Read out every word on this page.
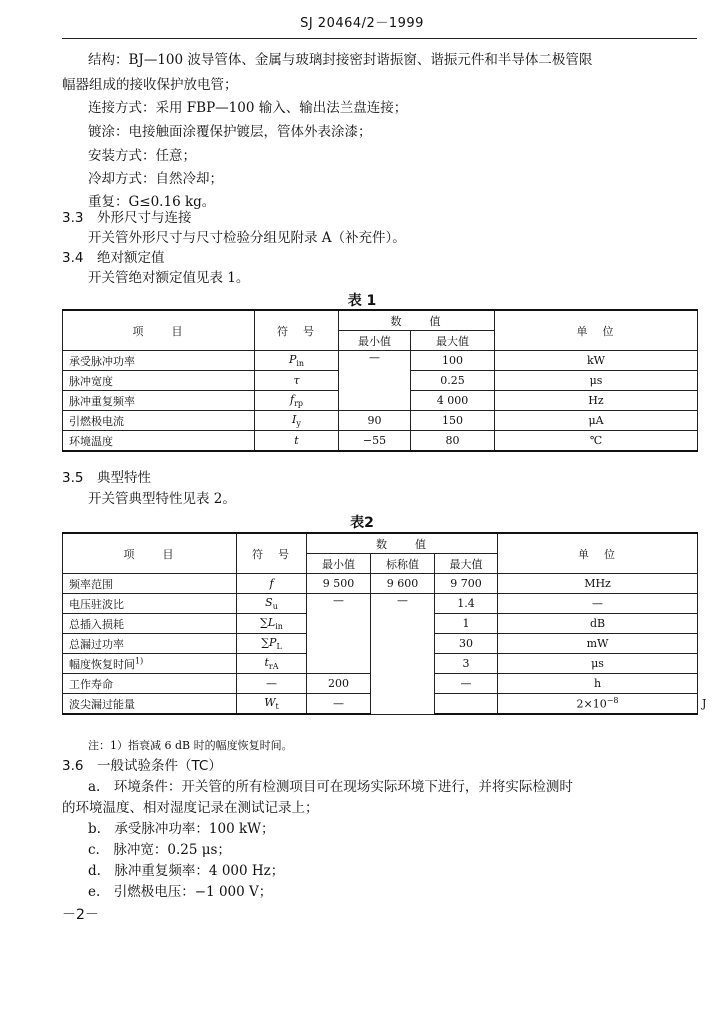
SJ 20464/2－1999
结构：BJ—100 波导管体、金属与玻璃封接密封谐振窗、谐振元件和半导体二极管限
幅器组成的接收保护放电管；
连接方式：采用 FBP—100 输入、输出法兰盘连接；
镀涂：电接触面涂覆保护镀层，管体外表涂漆；
安装方式：任意；
冷却方式：自然冷却；
重复：G≤0.16 kg。
3.3　外形尺寸与连接
开关管外形尺寸与尺寸检验分组见附录 A（补充件）。
3.4　绝对额定值
开关管绝对额定值见表 1。
表 1
项　　目	符　号	数　　值		单　位
		最小值	最大值	
承受脉冲功率	$P_{in}$	—	100	kW
脉冲宽度	τ		0.25	μs
脉冲重复频率	$f_{rp}$		4 000	Hz
引燃极电流	$I_y$	90	150	μA
环境温度	t	−55	80	℃
3.5　典型特性
开关管典型特性见表 2。
表2
项　　目	符　号	数　　值			单　位	
		最小值	标称值	最大值		
频率范围	f	9 500	9 600	9 700	MHz	
电压驻波比	$S_u$	—	—	1.4	—	
总插入损耗	$\sum L_{in}$			1	dB	
总漏过功率	$\sum P_L$			30	mW	
幅度恢复时间$^{1)}$	$t_{rA}$			3	μs	
工作寿命	—	200		—	h	
波尖漏过能量	$W_t$	—			$2\times 10^{-8}$	J
注：1）指衰减 6 dB 时的幅度恢复时间。
3.6　一般试验条件（TC）
a.　环境条件：开关管的所有检测项目可在现场实际环境下进行，并将实际检测时
的环境温度、相对湿度记录在测试记录上；
b.　承受脉冲功率：100 kW；
c.　脉冲宽：0.25 μs；
d.　脉冲重复频率：4 000 Hz；
e.　引燃极电压：−1 000 V；
－2－
